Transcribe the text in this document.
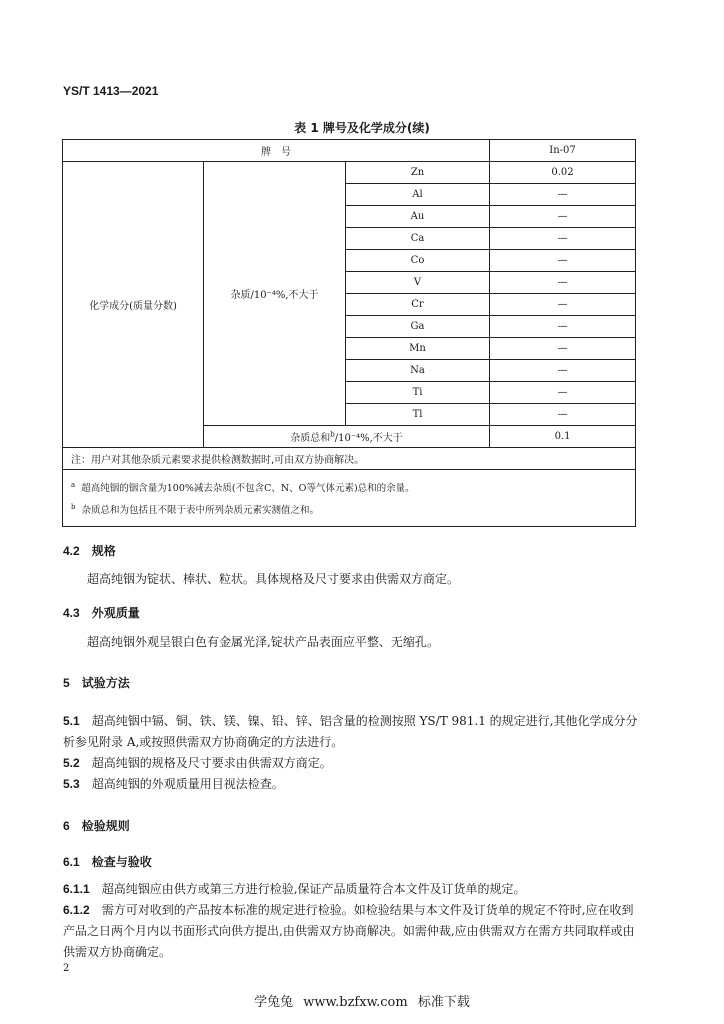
YS/T 1413—2021
表 1 牌号及化学成分(续)
牌　号			In-07
化学成分(质量分数)	杂质/10⁻⁴%,不大于	Zn	0.02
		Al	—
		Au	—
		Ca	—
		Co	—
		V	—
		Cr	—
		Ga	—
		Mn	—
		Na	—
		Ti	—
		Tl	—
	杂质总和$^b$/10⁻⁴%,不大于		0.1
注：用户对其他杂质元素要求提供检测数据时,可由双方协商解决。			

$^a$ 超高纯铟的铟含量为100%减去杂质(不包含C、N、O等气体元素)总和的余量。
$^b$ 杂质总和为包括且不限于表中所列杂质元素实测值之和。			
4.2 规格
超高纯铟为锭状、棒状、粒状。具体规格及尺寸要求由供需双方商定。
4.3 外观质量
超高纯铟外观呈银白色有金属光泽,锭状产品表面应平整、无缩孔。
5 试验方法
5.1 超高纯铟中镉、铜、铁、镁、镍、铅、锌、铝含量的检测按照 YS/T 981.1 的规定进行,其他化学成分分析参见附录 A,或按照供需双方协商确定的方法进行。
5.2 超高纯铟的规格及尺寸要求由供需双方商定。
5.3 超高纯铟的外观质量用目视法检查。
6 检验规则
6.1 检查与验收
6.1.1 超高纯铟应由供方或第三方进行检验,保证产品质量符合本文件及订货单的规定。
6.1.2 需方可对收到的产品按本标准的规定进行检验。如检验结果与本文件及订货单的规定不符时,应在收到产品之日两个月内以书面形式向供方提出,由供需双方协商解决。如需仲裁,应由供需双方在需方共同取样或由供需双方协商确定。
2
学兔兔 www.bzfxw.com 标准下载
